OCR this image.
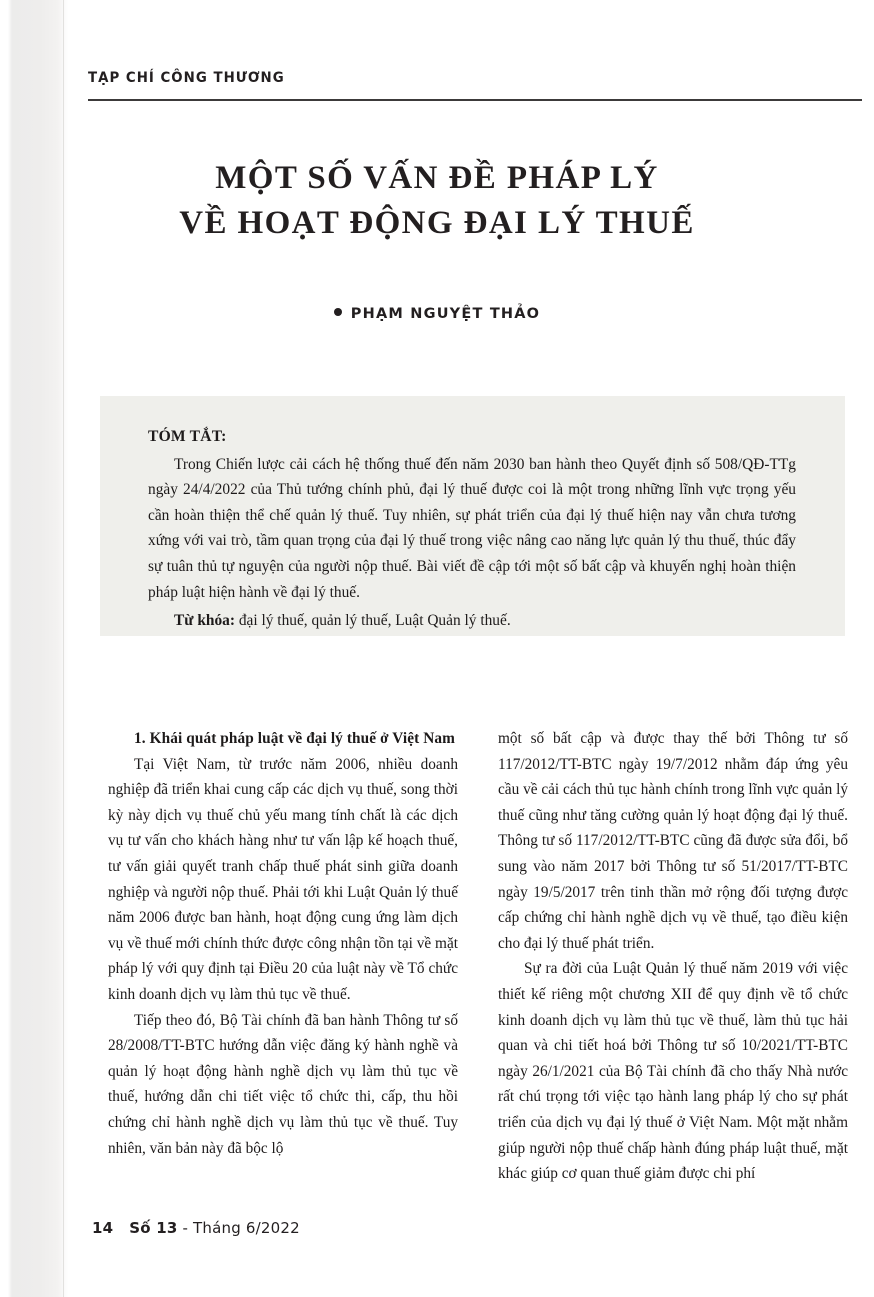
TẠP CHÍ CÔNG THƯƠNG
MỘT SỐ VẤN ĐỀ PHÁP LÝ
VỀ HOẠT ĐỘNG ĐẠI LÝ THUẾ
PHẠM NGUYỆT THẢO
TÓM TẮT:
Trong Chiến lược cải cách hệ thống thuế đến năm 2030 ban hành theo Quyết định số 508/QĐ-TTg ngày 24/4/2022 của Thủ tướng chính phủ, đại lý thuế được coi là một trong những lĩnh vực trọng yếu cần hoàn thiện thể chế quản lý thuế. Tuy nhiên, sự phát triển của đại lý thuế hiện nay vẫn chưa tương xứng với vai trò, tầm quan trọng của đại lý thuế trong việc nâng cao năng lực quản lý thu thuế, thúc đẩy sự tuân thủ tự nguyện của người nộp thuế. Bài viết đề cập tới một số bất cập và khuyến nghị hoàn thiện pháp luật hiện hành về đại lý thuế.
Từ khóa: đại lý thuế, quản lý thuế, Luật Quản lý thuế.
1. Khái quát pháp luật về đại lý thuế ở Việt Nam

Tại Việt Nam, từ trước năm 2006, nhiều doanh nghiệp đã triển khai cung cấp các dịch vụ thuế, song thời kỳ này dịch vụ thuế chủ yếu mang tính chất là các dịch vụ tư vấn cho khách hàng như tư vấn lập kế hoạch thuế, tư vấn giải quyết tranh chấp thuế phát sinh giữa doanh nghiệp và người nộp thuế. Phải tới khi Luật Quản lý thuế năm 2006 được ban hành, hoạt động cung ứng làm dịch vụ về thuế mới chính thức được công nhận tồn tại về mặt pháp lý với quy định tại Điều 20 của luật này về Tổ chức kinh doanh dịch vụ làm thủ tục về thuế.

Tiếp theo đó, Bộ Tài chính đã ban hành Thông tư số 28/2008/TT-BTC hướng dẫn việc đăng ký hành nghề và quản lý hoạt động hành nghề dịch vụ làm thủ tục về thuế, hướng dẫn chi tiết việc tổ chức thi, cấp, thu hồi chứng chỉ hành nghề dịch vụ làm thủ tục về thuế. Tuy nhiên, văn bản này đã bộc lộ

một số bất cập và được thay thế bởi Thông tư số 117/2012/TT-BTC ngày 19/7/2012 nhằm đáp ứng yêu cầu về cải cách thủ tục hành chính trong lĩnh vực quản lý thuế cũng như tăng cường quản lý hoạt động đại lý thuế. Thông tư số 117/2012/TT-BTC cũng đã được sửa đổi, bổ sung vào năm 2017 bởi Thông tư số 51/2017/TT-BTC ngày 19/5/2017 trên tinh thần mở rộng đối tượng được cấp chứng chỉ hành nghề dịch vụ về thuế, tạo điều kiện cho đại lý thuế phát triển.

Sự ra đời của Luật Quản lý thuế năm 2019 với việc thiết kế riêng một chương XII để quy định về tổ chức kinh doanh dịch vụ làm thủ tục về thuế, làm thủ tục hải quan và chi tiết hoá bởi Thông tư số 10/2021/TT-BTC ngày 26/1/2021 của Bộ Tài chính đã cho thấy Nhà nước rất chú trọng tới việc tạo hành lang pháp lý cho sự phát triển của dịch vụ đại lý thuế ở Việt Nam. Một mặt nhằm giúp người nộp thuế chấp hành đúng pháp luật thuế, mặt khác giúp cơ quan thuế giảm được chi phí

14 Số 13 - Tháng 6/2022
